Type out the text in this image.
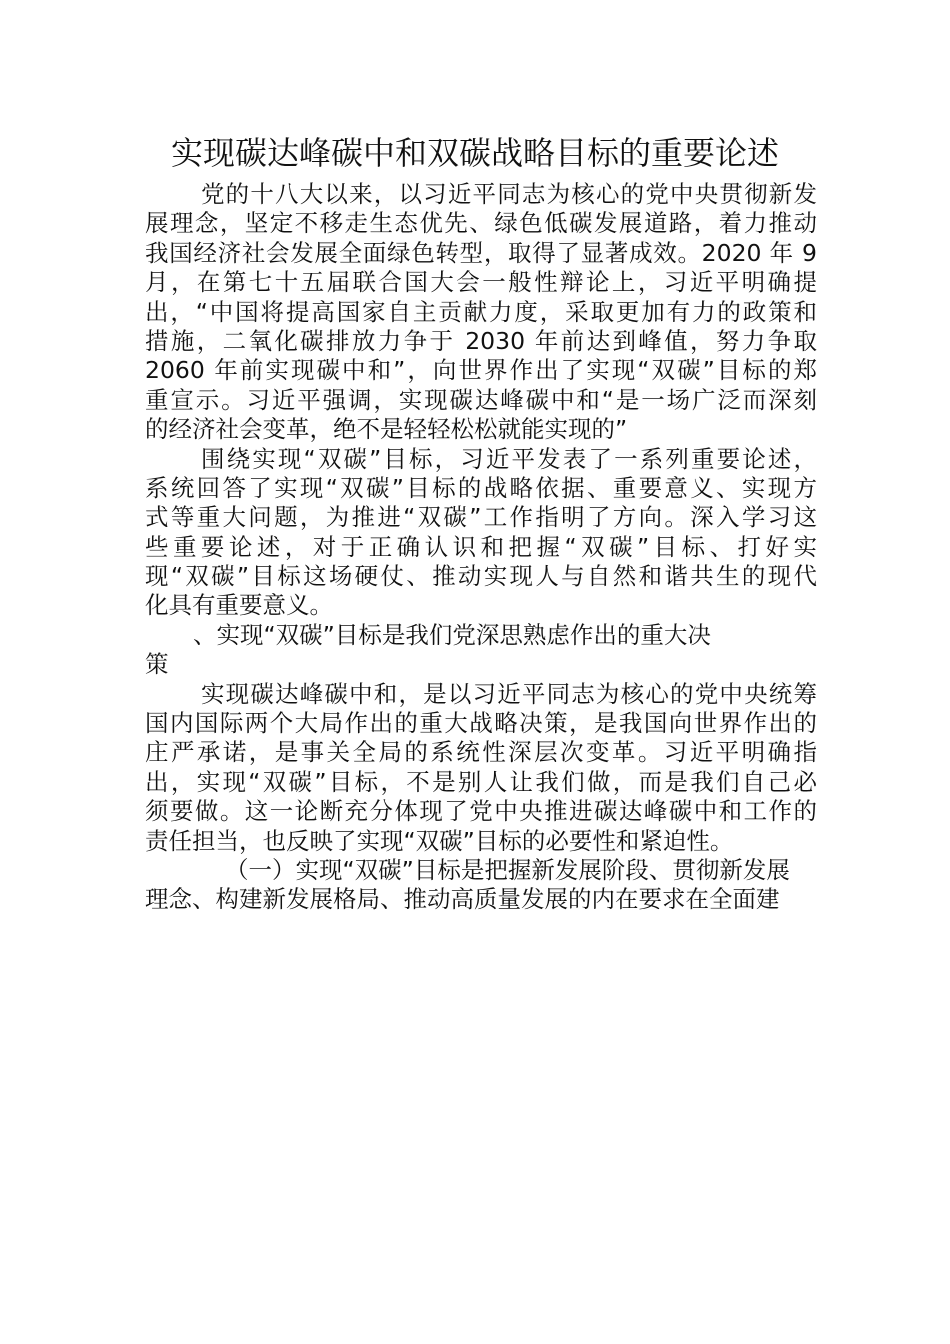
实现碳达峰碳中和双碳战略目标的重要论述
党的十八大以来，以习近平同志为核心的党中央贯彻新发
展理念，坚定不移走生态优先、绿色低碳发展道路，着力推动
我国经济社会发展全面绿色转型，取得了显著成效。2020 年 9
月，在第七十五届联合国大会一般性辩论上，习近平明确提
出，“中国将提高国家自主贡献力度，采取更加有力的政策和
措施，二氧化碳排放力争于 2030 年前达到峰值，努力争取
2060 年前实现碳中和”，向世界作出了实现“双碳”目标的郑
重宣示。习近平强调，实现碳达峰碳中和“是一场广泛而深刻
的经济社会变革，绝不是轻轻松松就能实现的”
围绕实现“双碳”目标，习近平发表了一系列重要论述，
系统回答了实现“双碳”目标的战略依据、重要意义、实现方
式等重大问题，为推进“双碳”工作指明了方向。深入学习这
些重要论述，对于正确认识和把握“双碳”目标、打好实
现“双碳”目标这场硬仗、推动实现人与自然和谐共生的现代
化具有重要意义。
、实现“双碳”目标是我们党深思熟虑作出的重大决
策
实现碳达峰碳中和，是以习近平同志为核心的党中央统筹
国内国际两个大局作出的重大战略决策，是我国向世界作出的
庄严承诺，是事关全局的系统性深层次变革。习近平明确指
出，实现“双碳”目标，不是别人让我们做，而是我们自己必
须要做。这一论断充分体现了党中央推进碳达峰碳中和工作的
责任担当，也反映了实现“双碳”目标的必要性和紧迫性。
（一）实现“双碳”目标是把握新发展阶段、贯彻新发展
理念、构建新发展格局、推动高质量发展的内在要求在全面建
